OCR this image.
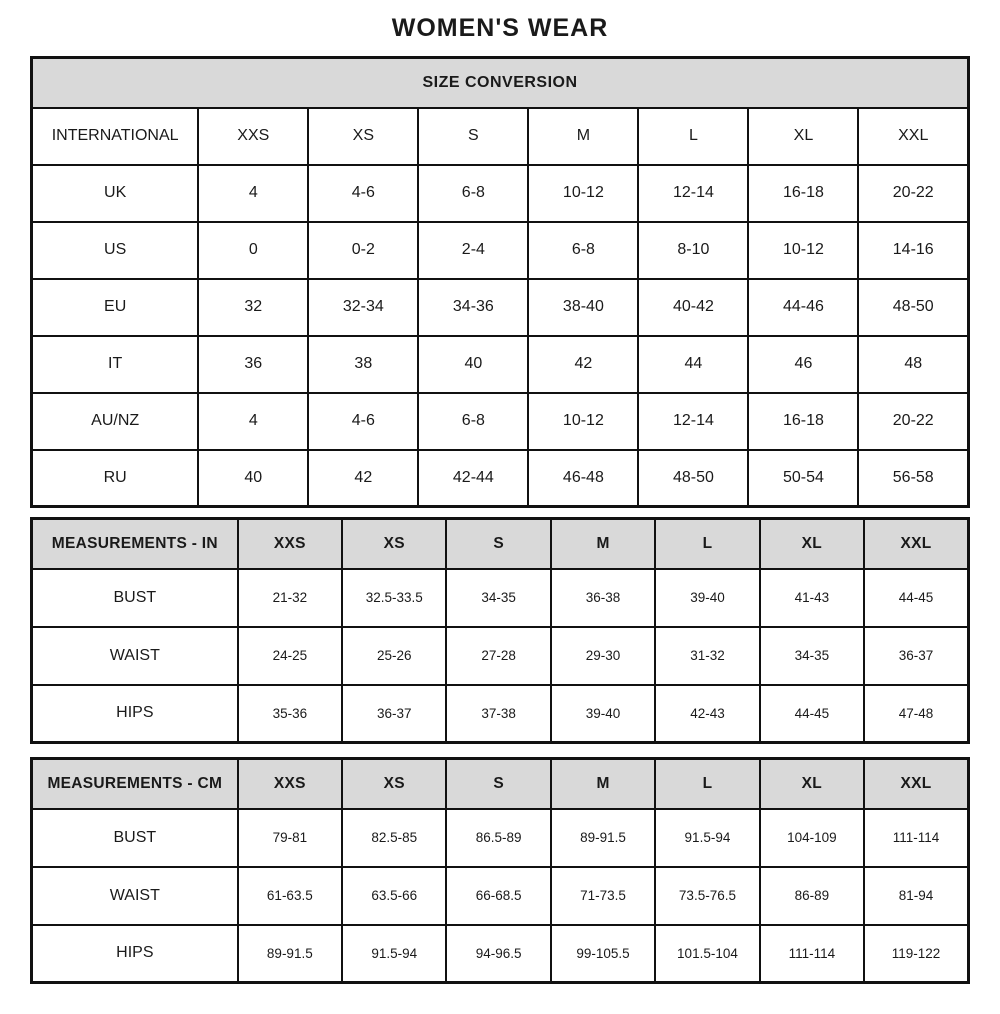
WOMEN'S WEAR
SIZE CONVERSION							
INTERNATIONAL	XXS	XS	S	M	L	XL	XXL
UK	4	4-6	6-8	10-12	12-14	16-18	20-22
US	0	0-2	2-4	6-8	8-10	10-12	14-16
EU	32	32-34	34-36	38-40	40-42	44-46	48-50
IT	36	38	40	42	44	46	48
AU/NZ	4	4-6	6-8	10-12	12-14	16-18	20-22
RU	40	42	42-44	46-48	48-50	50-54	56-58
MEASUREMENTS - IN	XXS	XS	S	M	L	XL	XXL
BUST	21-32	32.5-33.5	34-35	36-38	39-40	41-43	44-45
WAIST	24-25	25-26	27-28	29-30	31-32	34-35	36-37
HIPS	35-36	36-37	37-38	39-40	42-43	44-45	47-48
MEASUREMENTS - CM	XXS	XS	S	M	L	XL	XXL
BUST	79-81	82.5-85	86.5-89	89-91.5	91.5-94	104-109	111-114
WAIST	61-63.5	63.5-66	66-68.5	71-73.5	73.5-76.5	86-89	81-94
HIPS	89-91.5	91.5-94	94-96.5	99-105.5	101.5-104	111-114	119-122
